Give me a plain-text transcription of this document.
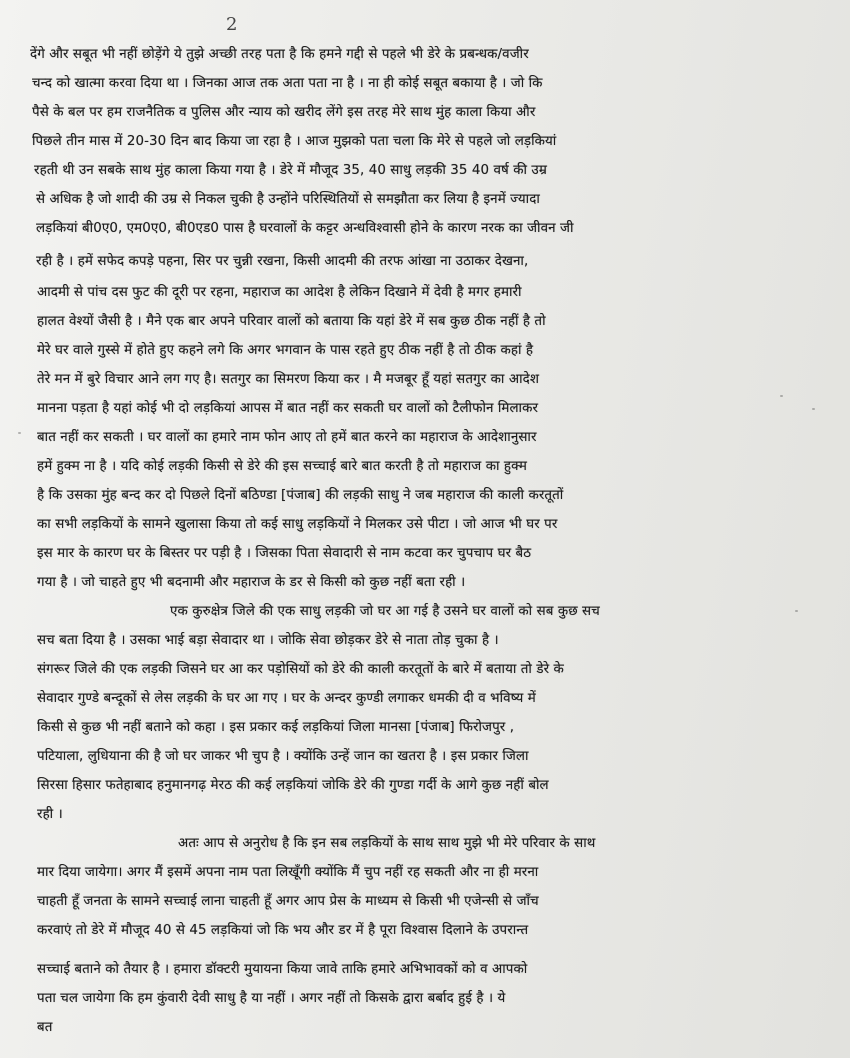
2
देंगे और सबूत भी नहीं छोड़ेंगे ये तुझे अच्छी तरह पता है कि हमने गद्दी से पहले भी डेरे के प्रबन्धक/वजीर
चन्द को खात्मा करवा दिया था । जिनका आज तक अता पता ना है । ना ही कोई सबूत बकाया है । जो कि
पैसे के बल पर हम राजनैतिक व पुलिस और न्याय को खरीद लेंगे इस तरह मेरे साथ मुंह काला किया और
पिछले तीन मास में 20-30 दिन बाद किया जा रहा है । आज मुझको पता चला कि मेरे से पहले जो लड़कियां
रहती थी उन सबके साथ मुंह काला किया गया है । डेरे में मौजूद 35, 40 साधु लड़की 35 40 वर्ष की उम्र
से अधिक है जो शादी की उम्र से निकल चुकी है उन्होंने परिस्थितियों से समझौता कर लिया है इनमें ज्यादा
लड़कियां बी0ए0, एम0ए0, बी0एड0 पास है घरवालों के कट्टर अन्धविश्वासी होने के कारण नरक का जीवन जी
रही है । हमें सफेद कपड़े पहना, सिर पर चुन्नी रखना, किसी आदमी की तरफ आंखा ना उठाकर देखना,
आदमी से पांच दस फुट की दूरी पर रहना, महाराज का आदेश है लेकिन दिखाने में देवी है मगर हमारी
हालत वेश्यों जैसी है । मैने एक बार अपने परिवार वालों को बताया कि यहां डेरे में सब कुछ ठीक नहीं है तो
मेरे घर वाले गुस्से में होते हुए कहने लगे कि अगर भगवान के पास रहते हुए ठीक नहीं है तो ठीक कहां है
तेरे मन में बुरे विचार आने लग गए है। सतगुर का सिमरण किया कर । मै मजबूर हूँ यहां सतगुर का आदेश
मानना पड़ता है यहां कोई भी दो लड़कियां आपस में बात नहीं कर सकती घर वालों को टैलीफोन मिलाकर
बात नहीं कर सकती । घर वालों का हमारे नाम फोन आए तो हमें बात करने का महाराज के आदेशानुसार
हमें हुक्म ना है । यदि कोई लड़की किसी से डेरे की इस सच्चाई बारे बात करती है तो महाराज का हुक्म
है कि उसका मुंह बन्द कर दो पिछले दिनों बठिण्डा [पंजाब] की लड़की साधु ने जब महाराज की काली करतूतों
का सभी लड़कियों के सामने खुलासा किया तो कई साधु लड़कियों ने मिलकर उसे पीटा । जो आज भी घर पर
इस मार के कारण घर के बिस्तर पर पड़ी है । जिसका पिता सेवादारी से नाम कटवा कर चुपचाप घर बैठ
गया है । जो चाहते हुए भी बदनामी और महाराज के डर से किसी को कुछ नहीं बता रही ।
एक कुरुक्षेत्र जिले की एक साधु लड़की जो घर आ गई है उसने घर वालों को सब कुछ सच
सच बता दिया है । उसका भाई बड़ा सेवादार था । जोकि सेवा छोड़कर डेरे से नाता तोड़ चुका है ।
संगरूर जिले की एक लड़की जिसने घर आ कर पड़ोसियों को डेरे की काली करतूतों के बारे में बताया तो डेरे के
सेवादार गुण्डे बन्दूकों से लेस लड़की के घर आ गए । घर के अन्दर कुण्डी लगाकर धमकी दी व भविष्य में
किसी से कुछ भी नहीं बताने को कहा । इस प्रकार कई लड़कियां जिला मानसा [पंजाब] फिरोजपुर ,
पटियाला, लुधियाना की है जो घर जाकर भी चुप है । क्योंकि उन्हें जान का खतरा है । इस प्रकार जिला
सिरसा हिसार फतेहाबाद हनुमानगढ़ मेरठ की कई लड़कियां जोकि डेरे की गुण्डा गर्दी के आगे कुछ नहीं बोल
रही ।
अतः आप से अनुरोध है कि इन सब लड़कियों के साथ साथ मुझे भी मेरे परिवार के साथ
मार दिया जायेगा। अगर मैं इसमें अपना नाम पता लिखूँगी क्योंकि मैं चुप नहीं रह सकती और ना ही मरना
चाहती हूँ जनता के सामने सच्चाई लाना चाहती हूँ अगर आप प्रेस के माध्यम से किसी भी एजेन्सी से जाँच
करवाएं तो डेरे में मौजूद 40 से 45 लड़कियां जो कि भय और डर में है पूरा विश्वास दिलाने के उपरान्त
सच्चाई बताने को तैयार है । हमारा डॉक्टरी मुयायना किया जावे ताकि हमारे अभिभावकों को व आपको
पता चल जायेगा कि हम कुंवारी देवी साधु है या नहीं । अगर नहीं तो किसके द्वारा बर्बाद हुई है । ये
बत
